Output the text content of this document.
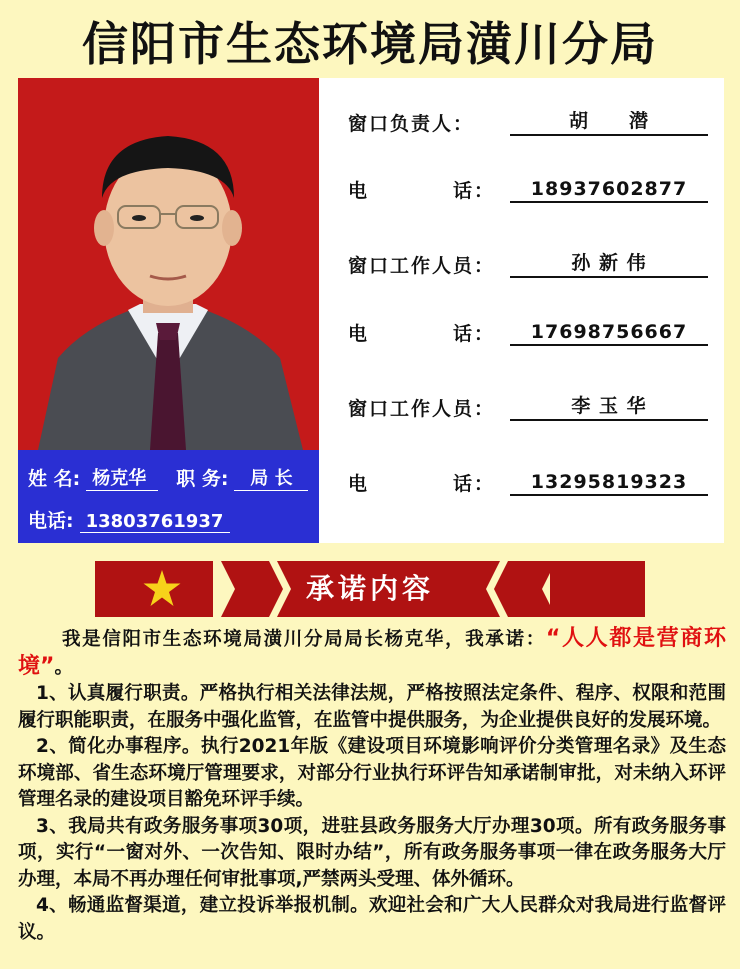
信阳市生态环境局潢川分局
姓 名: 杨克华	职 务:	局 长
电话: 13803761937
窗口负责人：	胡　　潜
电　　　　话：	18937602877
窗口工作人员：	孙 新 伟
电　　　　话：	17698756667
窗口工作人员：	李 玉 华
电　　　　话：	13295819323
承诺内容

我是信阳市生态环境局潢川分局局长杨克华，我承诺：“人人都是营商环境”。

1、认真履行职责。严格执行相关法律法规，严格按照法定条件、程序、权限和范围履行职能职责，在服务中强化监管，在监管中提供服务，为企业提供良好的发展环境。

2、简化办事程序。执行2021年版《建设项目环境影响评价分类管理名录》及生态环境部、省生态环境厅管理要求，对部分行业执行环评告知承诺制审批，对未纳入环评管理名录的建设项目豁免环评手续。

3、我局共有政务服务事项30项，进驻县政务服务大厅办理30项。所有政务服务事项，实行“一窗对外、一次告知、限时办结”，所有政务服务事项一律在政务服务大厅办理，本局不再办理任何审批事项,严禁两头受理、体外循环。

4、畅通监督渠道，建立投诉举报机制。欢迎社会和广大人民群众对我局进行监督评议。
